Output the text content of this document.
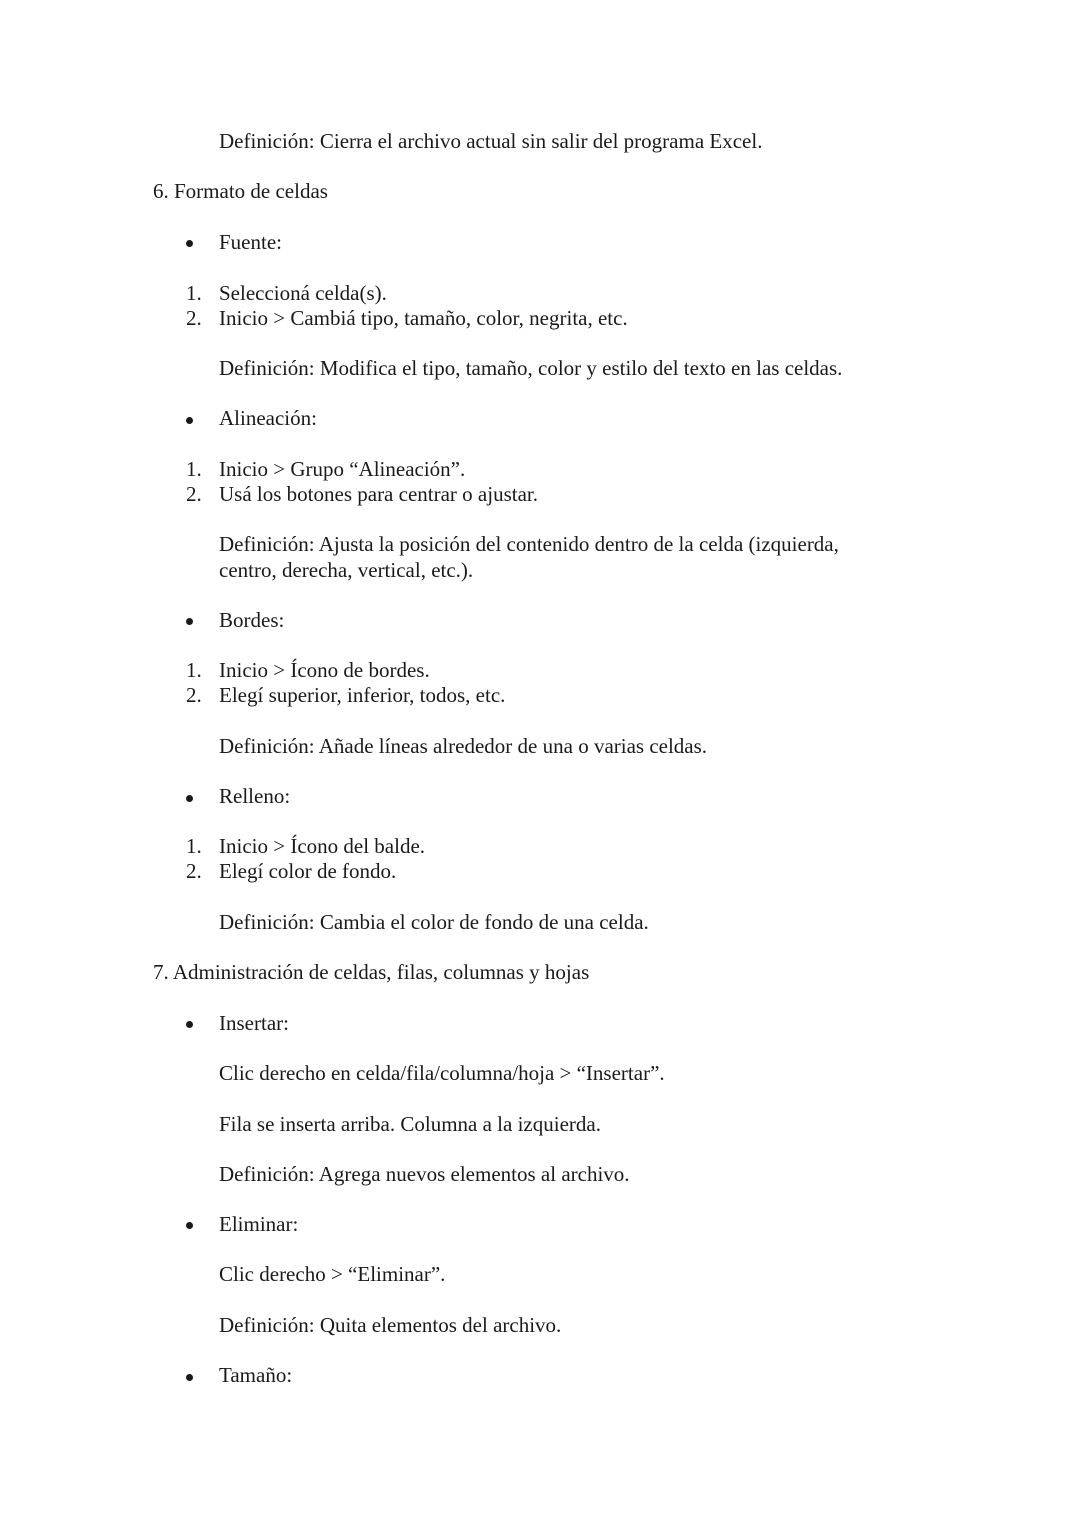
Definición: Cierra el archivo actual sin salir del programa Excel.
6. Formato de celdas
Fuente:
1. Seleccioná celda(s).
2. Inicio > Cambiá tipo, tamaño, color, negrita, etc.
Definición: Modifica el tipo, tamaño, color y estilo del texto en las celdas.
Alineación:
1. Inicio > Grupo “Alineación”.
2. Usá los botones para centrar o ajustar.
Definición: Ajusta la posición del contenido dentro de la celda (izquierda,
centro, derecha, vertical, etc.).
Bordes:
1. Inicio > Ícono de bordes.
2. Elegí superior, inferior, todos, etc.
Definición: Añade líneas alrededor de una o varias celdas.
Relleno:
1. Inicio > Ícono del balde.
2. Elegí color de fondo.
Definición: Cambia el color de fondo de una celda.
7. Administración de celdas, filas, columnas y hojas
Insertar:
Clic derecho en celda/fila/columna/hoja > “Insertar”.
Fila se inserta arriba. Columna a la izquierda.
Definición: Agrega nuevos elementos al archivo.
Eliminar:
Clic derecho > “Eliminar”.
Definición: Quita elementos del archivo.
Tamaño:
